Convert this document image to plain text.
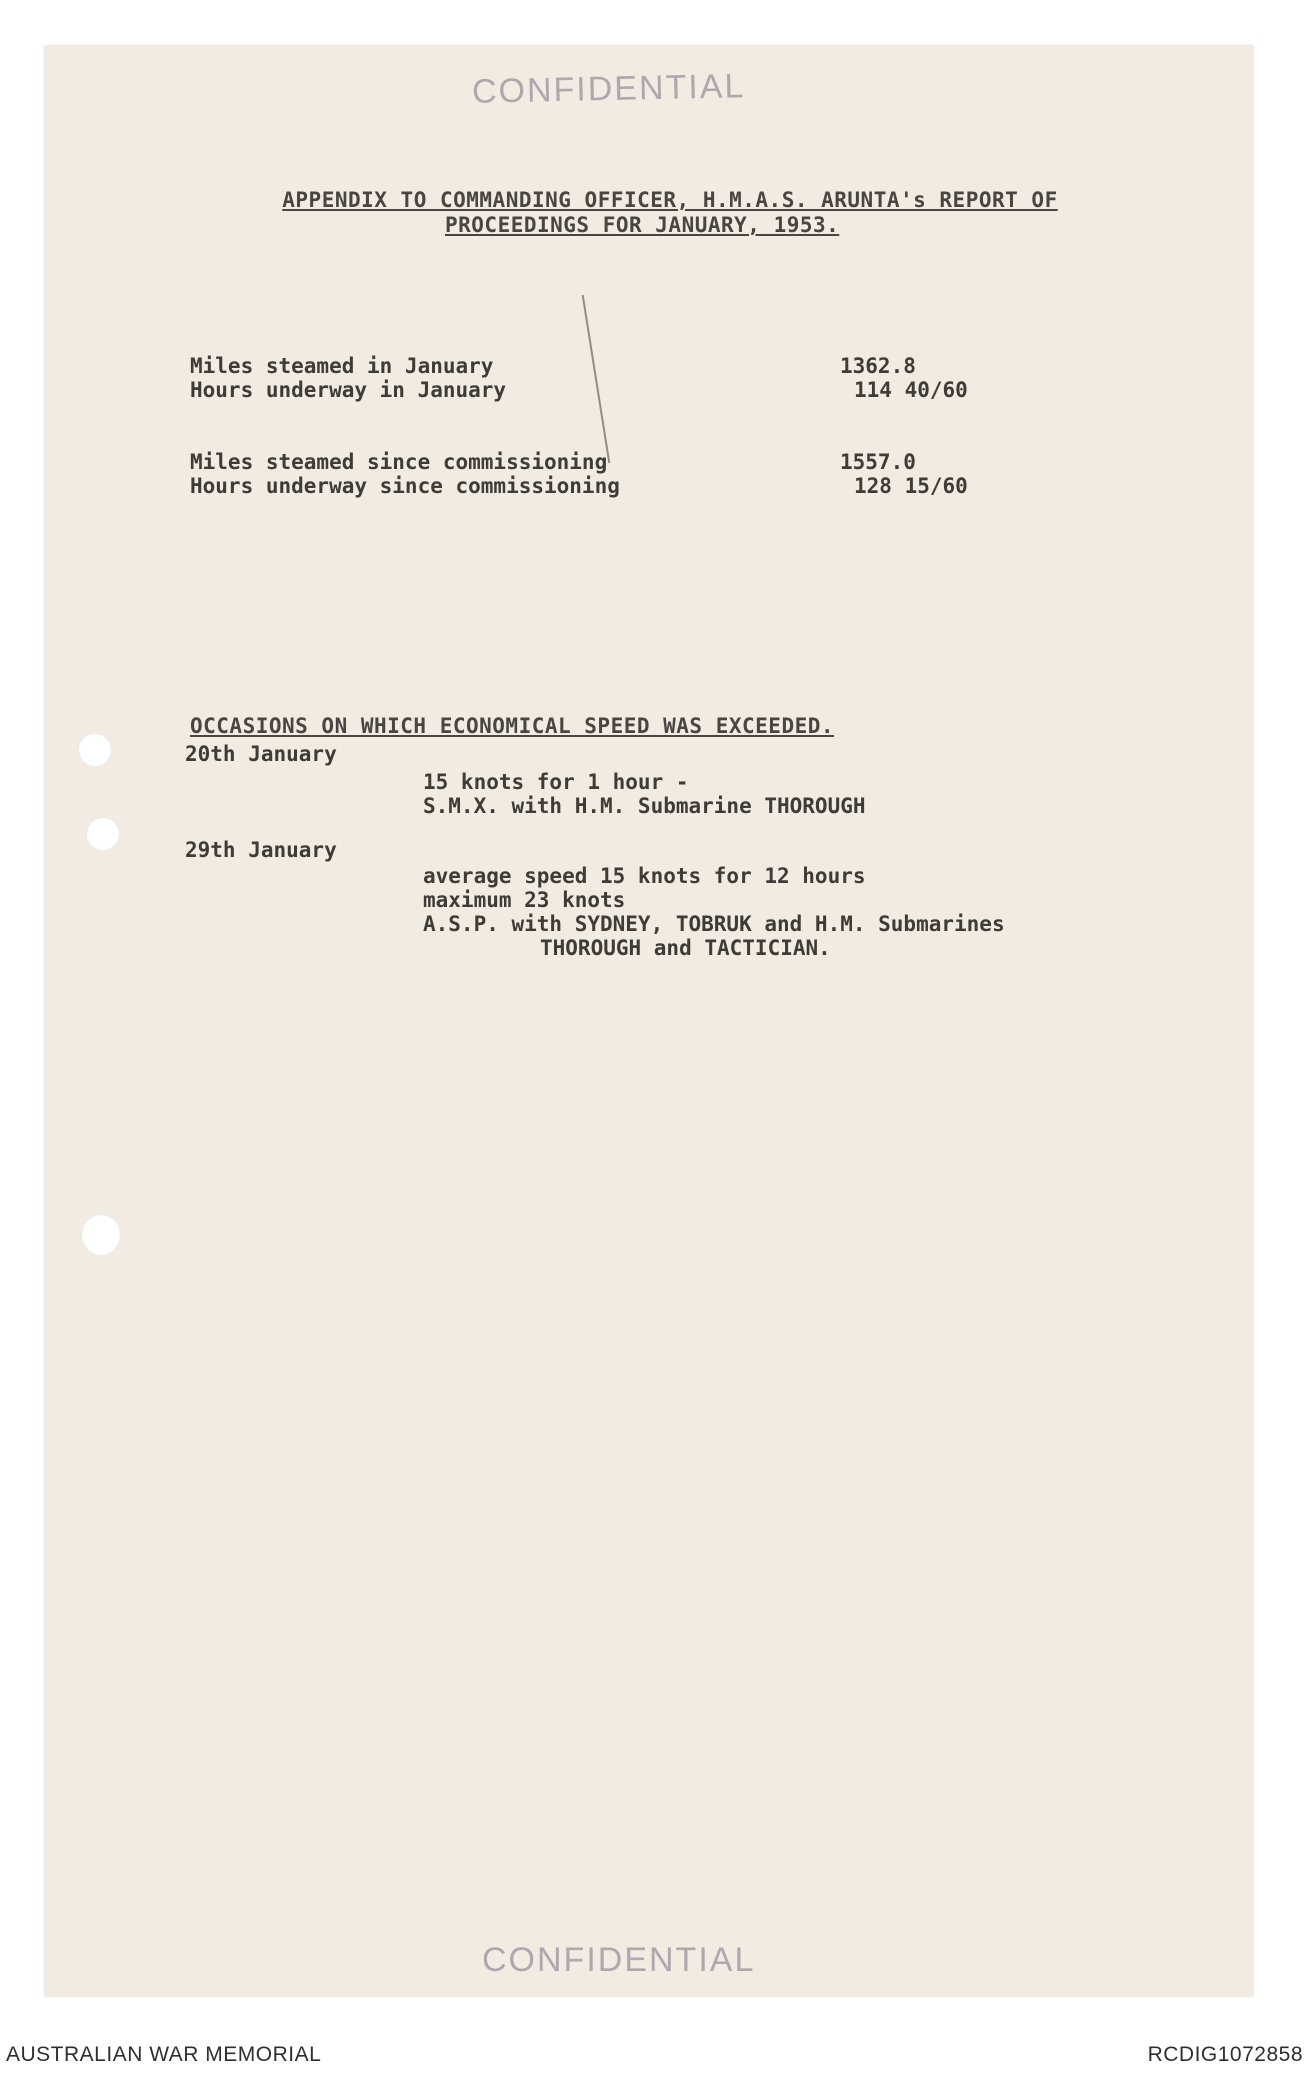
CONFIDENTIAL
APPENDIX TO COMMANDING OFFICER, H.M.A.S. ARUNTA's REPORT OF
PROCEEDINGS FOR JANUARY, 1953.
Miles steamed in January	1362.8
Hours underway in January	114 40/60
Miles steamed since commissioning	1557.0
Hours underway since commissioning	128 15/60
OCCASIONS ON WHICH ECONOMICAL SPEED WAS EXCEEDED.
20th January
15 knots for 1 hour -
S.M.X. with H.M. Submarine THOROUGH
29th January
average speed 15 knots for 12 hours
maximum 23 knots
A.S.P. with SYDNEY, TOBRUK and H.M. Submarines
THOROUGH and TACTICIAN.
CONFIDENTIAL
AUSTRALIAN WAR MEMORIAL	RCDIG1072858
